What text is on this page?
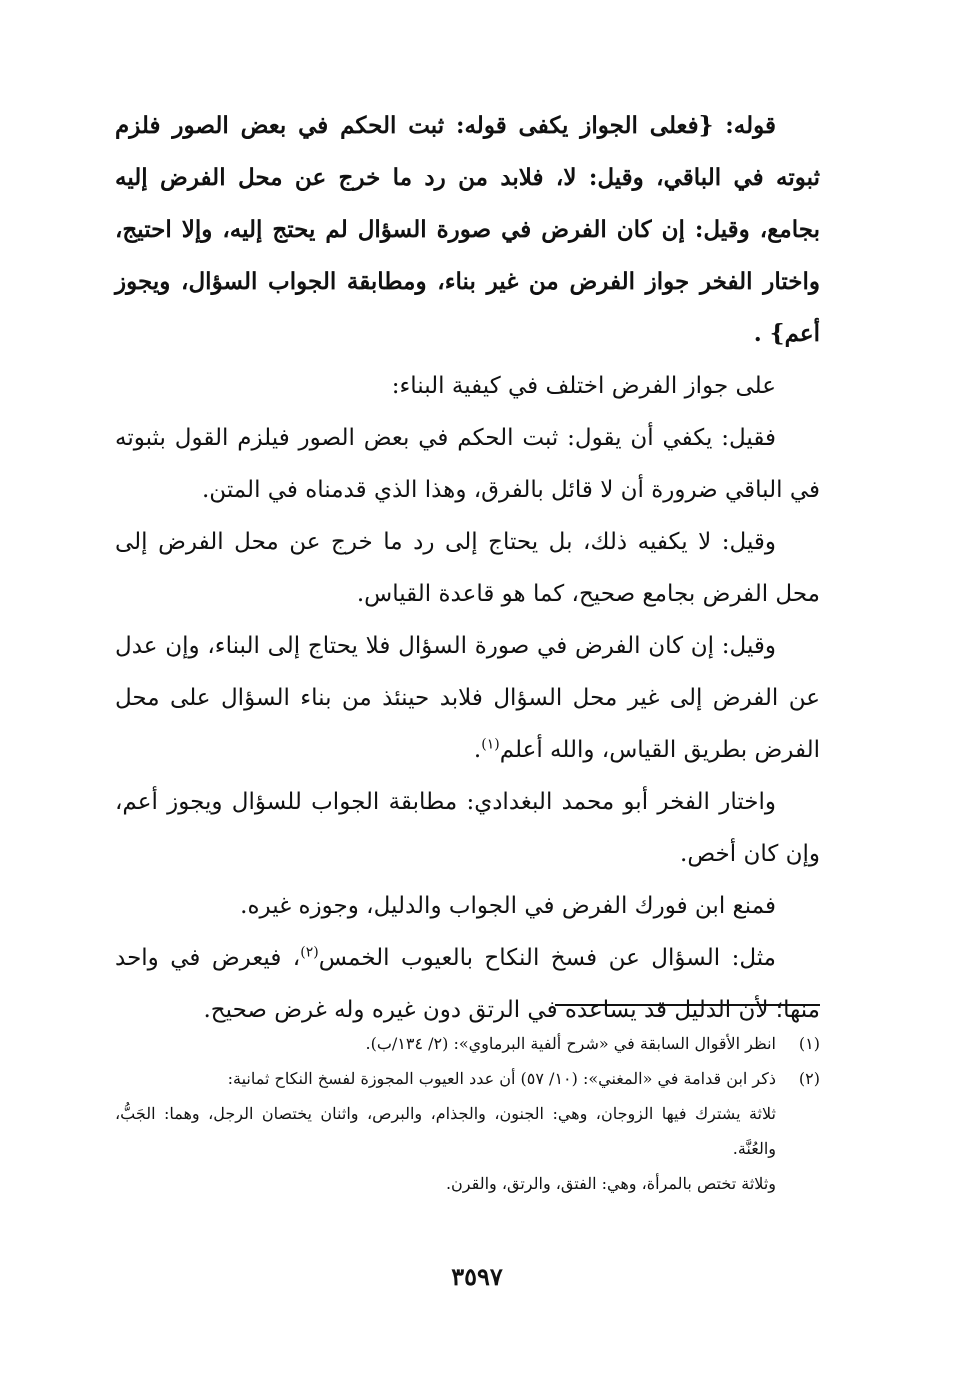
قوله: {فعلى الجواز يكفى قوله: ثبت الحكم في بعض الصور فلزم ثبوته في الباقي، وقيل: لا، فلابد من رد ما خرج عن محل الفرض إليه بجامع، وقيل: إن كان الفرض في صورة السؤال لم يحتج إليه، وإلا احتيج، واختار الفخر جواز الفرض من غير بناء، ومطابقة الجواب السؤال، ويجوز أعم} .

على جواز الفرض اختلف في كيفية البناء:

فقيل: يكفي أن يقول: ثبت الحكم في بعض الصور فيلزم القول بثبوته في الباقي ضرورة أن لا قائل بالفرق، وهذا الذي قدمناه في المتن.

وقيل: لا يكفيه ذلك، بل يحتاج إلى رد ما خرج عن محل الفرض إلى محل الفرض بجامع صحيح، كما هو قاعدة القياس.

وقيل: إن كان الفرض في صورة السؤال فلا يحتاج إلى البناء، وإن عدل عن الفرض إلى غير محل السؤال فلابد حينئذ من بناء السؤال على محل الفرض بطريق القياس، والله أعلم$^{(١)}$.

واختار الفخر أبو محمد البغدادي: مطابقة الجواب للسؤال ويجوز أعم، وإن كان أخص.

فمنع ابن فورك الفرض في الجواب والدليل، وجوزه غيره.

مثل: السؤال عن فسخ النكاح بالعيوب الخمس$^{(٢)}$، فيعرض في واحد منها؛ لأن الدليل قد يساعده في الرتق دون غيره وله غرض صحيح.

(١)
انظر الأقوال السابقة في «شرح ألفية البرماوي»: (٢/ ١٣٤/ب).
(٢)
ذكر ابن قدامة في «المغني»: (١٠/ ٥٧) أن عدد العيوب المجوزة لفسخ النكاح ثمانية:
ثلاثة يشترك فيها الزوجان، وهي: الجنون، والجذام، والبرص، واثنان يختصان الرجل، وهما: الجَبُّ، والعُنَّة.
وثلاثة تختص بالمرأة، وهي: الفتق، والرتق، والقرن.
٣٥٩٧
